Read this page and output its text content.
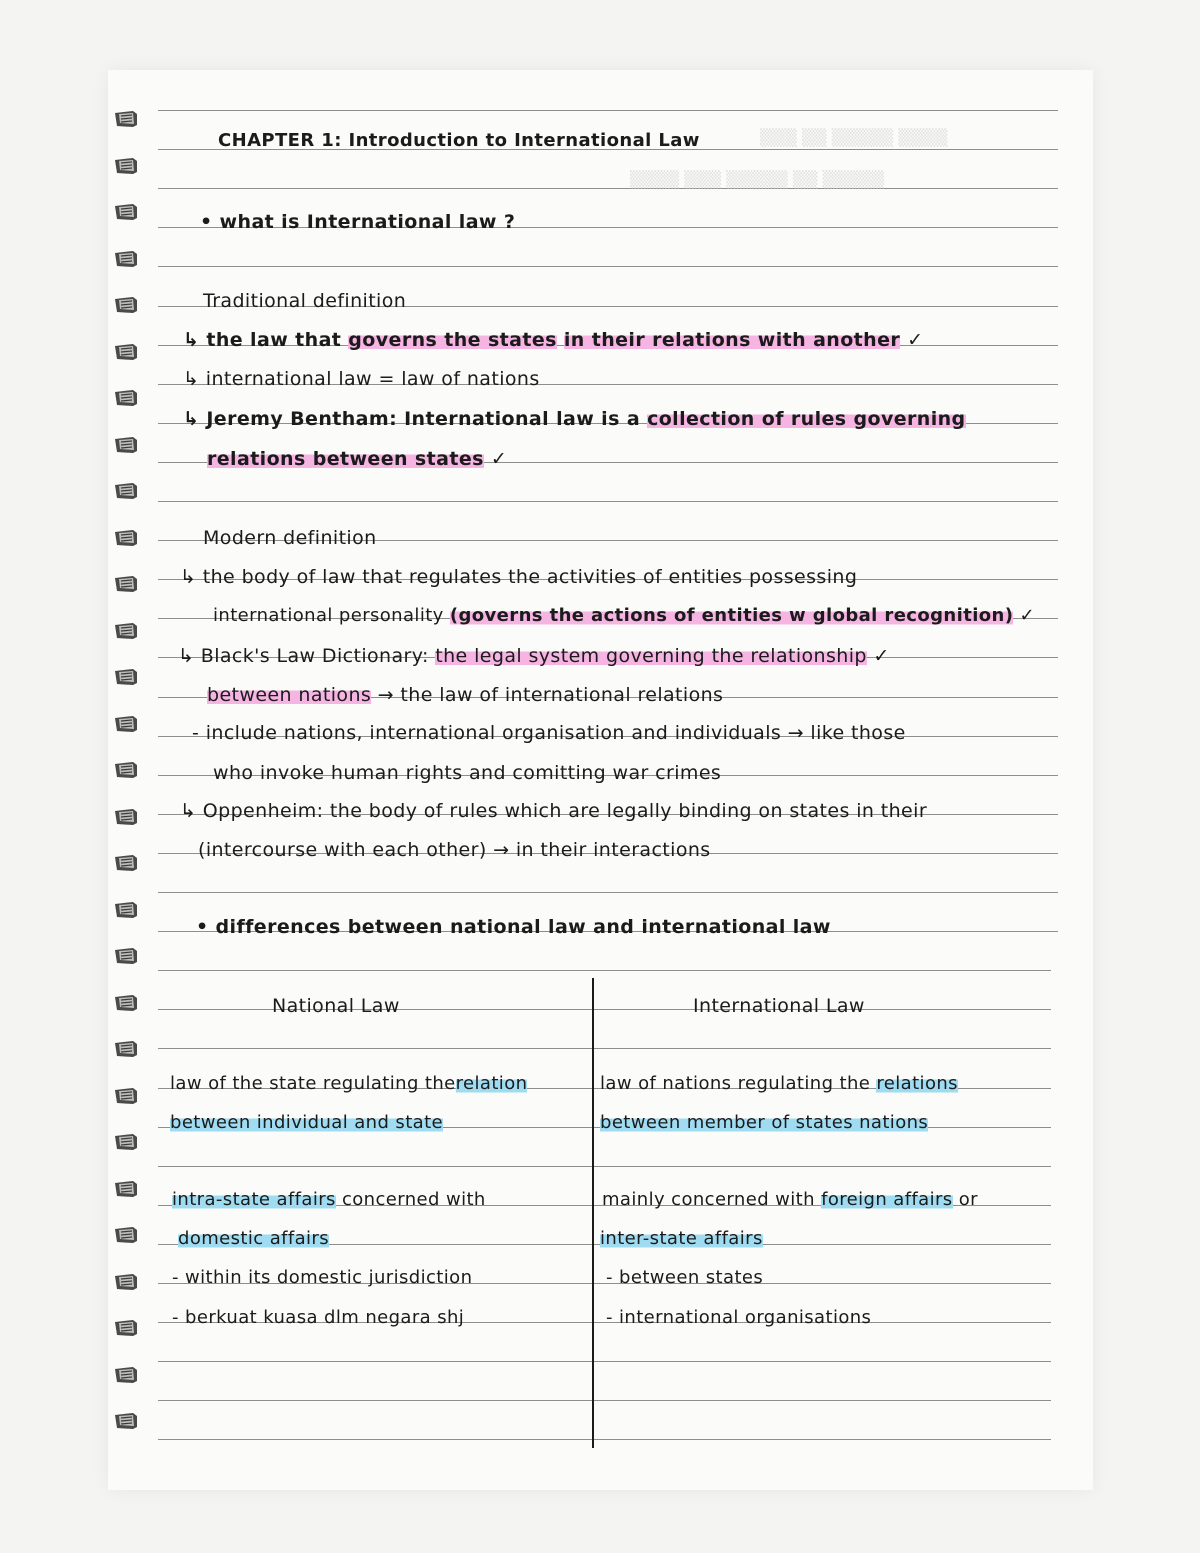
▒▒▒ ▒▒ ▒▒▒▒▒ ▒▒▒▒
▒▒▒▒ ▒▒▒ ▒▒▒▒▒ ▒▒ ▒▒▒▒▒
CHAPTER 1: Introduction to International Law
• what is International law ?
Traditional definition
↳ the law that governs the states in their relations with another ✓
↳ international law = law of nations
↳ Jeremy Bentham: International law is a collection of rules governing
relations between states ✓
Modern definition
↳ the body of law that regulates the activities of entities possessing
international personality (governs the actions of entities w global recognition) ✓
↳ Black's Law Dictionary: the legal system governing the relationship ✓
between nations → the law of international relations
- include nations, international organisation and individuals → like those
who invoke human rights and comitting war crimes
↳ Oppenheim: the body of rules which are legally binding on states in their
(intercourse with each other) → in their interactions
• differences between national law and international law
National Law	International Law
law of the state regulating therelation
between individual and state
law of nations regulating the relations
between member of states nations
intra-state affairs concerned with
domestic affairs
- within its domestic jurisdiction
- berkuat kuasa dlm negara shj
mainly concerned with foreign affairs or
inter-state affairs
- between states
- international organisations
